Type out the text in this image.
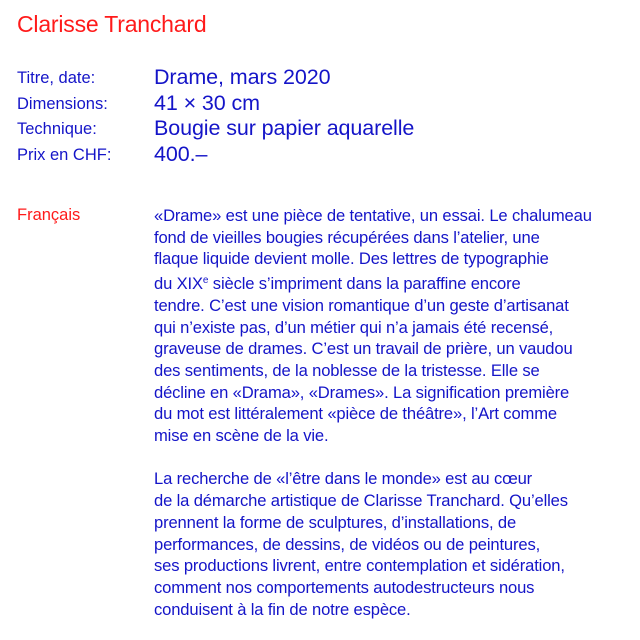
Clarisse Tranchard
Titre, date:	Drame, mars 2020
Dimensions: 41 × 30 cm
Technique:	Bougie sur papier aquarelle
Prix en CHF: 400.–
Français	«Drame» est une pièce de tentative, un essai. Le chalumeau
fond de vieilles bougies récupérées dans l’atelier, une
flaque liquide devient molle. Des lettres de typographie
du XIXe siècle s’impriment dans la paraffine encore
tendre. C’est une vision romantique d’un geste d’artisanat
qui n’existe pas, d’un métier qui n’a jamais été recensé,
graveuse de drames. C’est un travail de prière, un vaudou
des sentiments, de la noblesse de la tristesse. Elle se
décline en «Drama», «Drames». La signification première
du mot est littéralement «pièce de théâtre», l’Art comme
mise en scène de la vie.
La recherche de «l’être dans le monde» est au cœur
de la démarche artistique de Clarisse Tranchard. Qu’elles
prennent la forme de sculptures, d’installations, de
performances, de dessins, de vidéos ou de peintures,
ses productions livrent, entre contemplation et sidération,
comment nos comportements autodestructeurs nous
conduisent à la fin de notre espèce.
